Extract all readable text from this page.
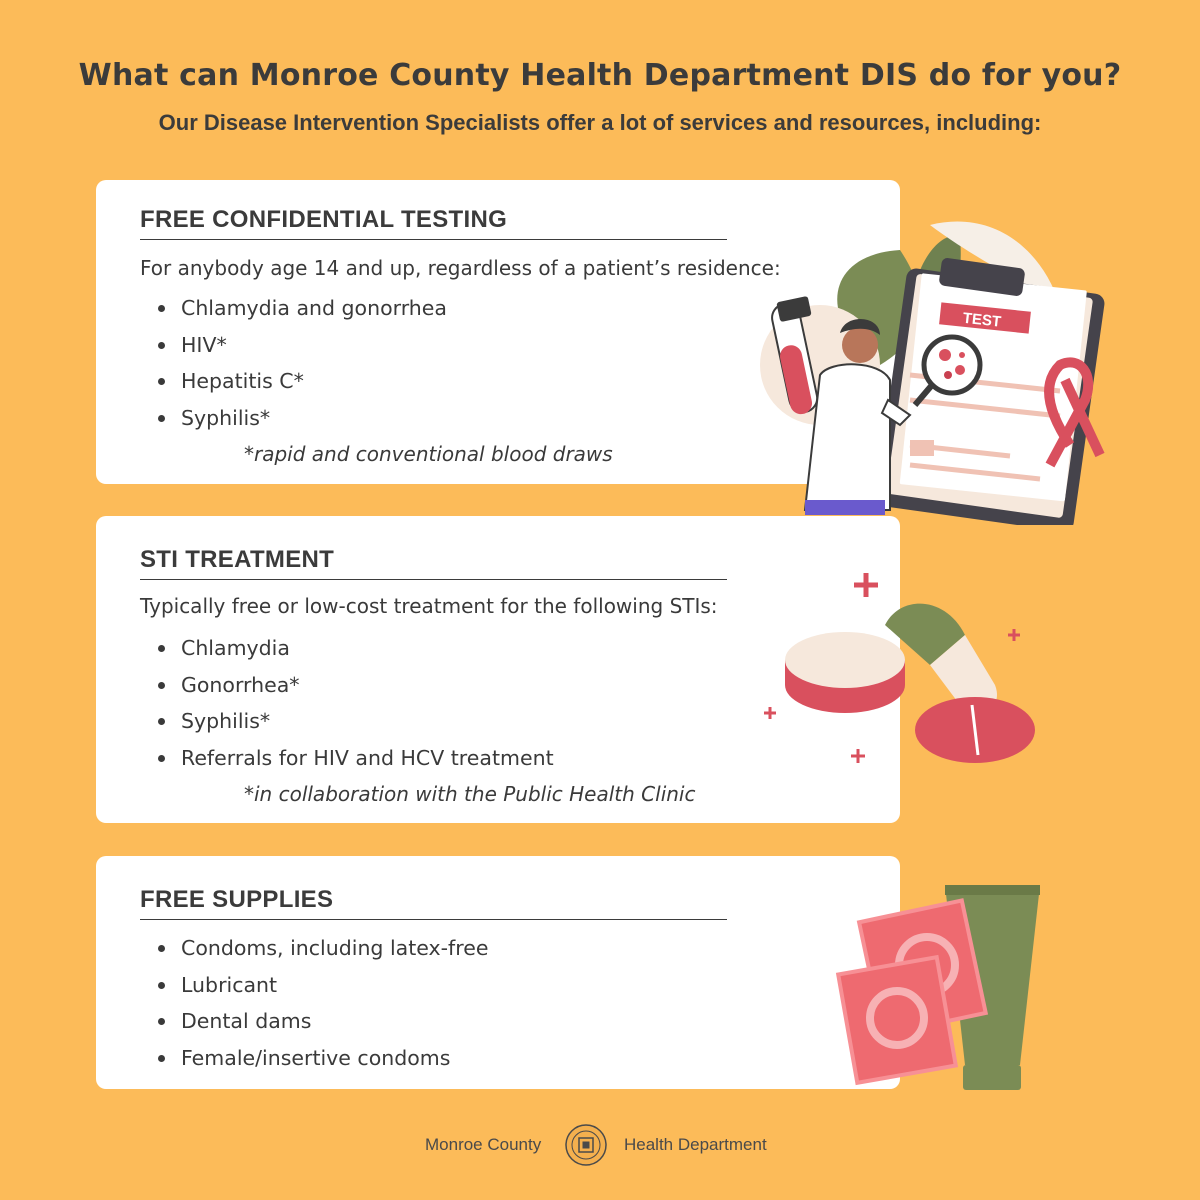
What can Monroe County Health Department DIS do for you?
Our Disease Intervention Specialists offer a lot of services and resources, including:
FREE CONFIDENTIAL TESTING
For anybody age 14 and up, regardless of a patient’s residence:
Chlamydia and gonorrhea
HIV*
Hepatitis C*
Syphilis*
*rapid and conventional blood draws
STI TREATMENT
Typically free or low-cost treatment for the following STIs:
Chlamydia
Gonorrhea*
Syphilis*
Referrals for HIV and HCV treatment
*in collaboration with the Public Health Clinic
FREE SUPPLIES
Condoms, including latex-free
Lubricant
Dental dams
Female/insertive condoms
TEST
Monroe County	Health Department
